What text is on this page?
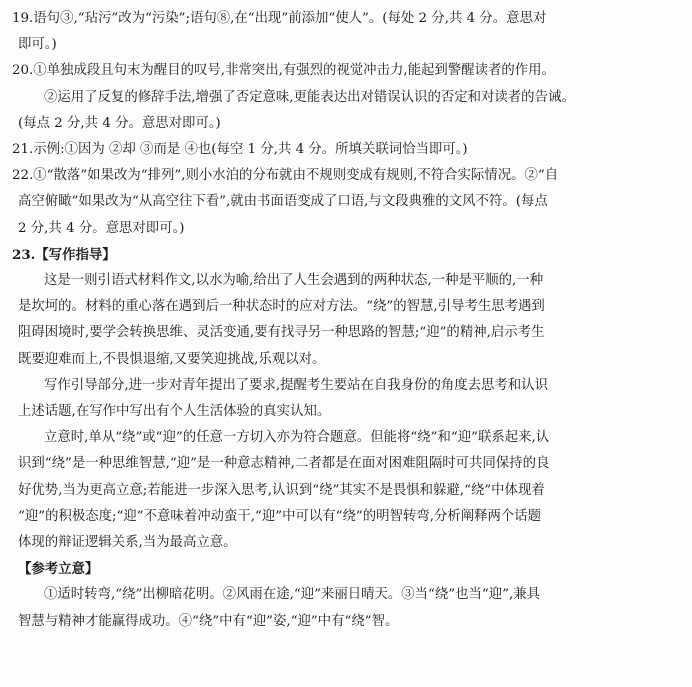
19.语句③,“玷污”改为“污染”;语句⑧,在“出现”前添加“使人”。(每处 2 分,共 4 分。意思对
即可。)
20.①单独成段且句末为醒目的叹号,非常突出,有强烈的视觉冲击力,能起到警醒读者的作用。
②运用了反复的修辞手法,增强了否定意味,更能表达出对错误认识的否定和对读者的告诫。
(每点 2 分,共 4 分。意思对即可。)
21.示例:①因为 ②却 ③而是 ④也(每空 1 分,共 4 分。所填关联词恰当即可。)
22.①“散落”如果改为“排列”,则小水泊的分布就由不规则变成有规则,不符合实际情况。②“自
高空俯瞰”如果改为“从高空往下看”,就由书面语变成了口语,与文段典雅的文风不符。(每点
2 分,共 4 分。意思对即可。)
23.【写作指导】
这是一则引语式材料作文,以水为喻,给出了人生会遇到的两种状态,一种是平顺的,一种
是坎坷的。材料的重心落在遇到后一种状态时的应对方法。“绕”的智慧,引导考生思考遇到
阻碍困境时,要学会转换思维、灵活变通,要有找寻另一种思路的智慧;“迎”的精神,启示考生
既要迎难而上,不畏惧退缩,又要笑迎挑战,乐观以对。
写作引导部分,进一步对青年提出了要求,提醒考生要站在自我身份的角度去思考和认识
上述话题,在写作中写出有个人生活体验的真实认知。
立意时,单从“绕”或“迎”的任意一方切入亦为符合题意。但能将“绕”和“迎”联系起来,认
识到“绕”是一种思维智慧,“迎”是一种意志精神,二者都是在面对困难阻隔时可共同保持的良
好优势,当为更高立意;若能进一步深入思考,认识到“绕”其实不是畏惧和躲避,“绕”中体现着
“迎”的积极态度;“迎”不意味着冲动蛮干,“迎”中可以有“绕”的明智转弯,分析阐释两个话题
体现的辩证逻辑关系,当为最高立意。
【参考立意】
①适时转弯,“绕”出柳暗花明。②风雨在途,“迎”来丽日晴天。③当“绕”也当“迎”,兼具
智慧与精神才能赢得成功。④“绕”中有“迎”姿,“迎”中有“绕”智。
